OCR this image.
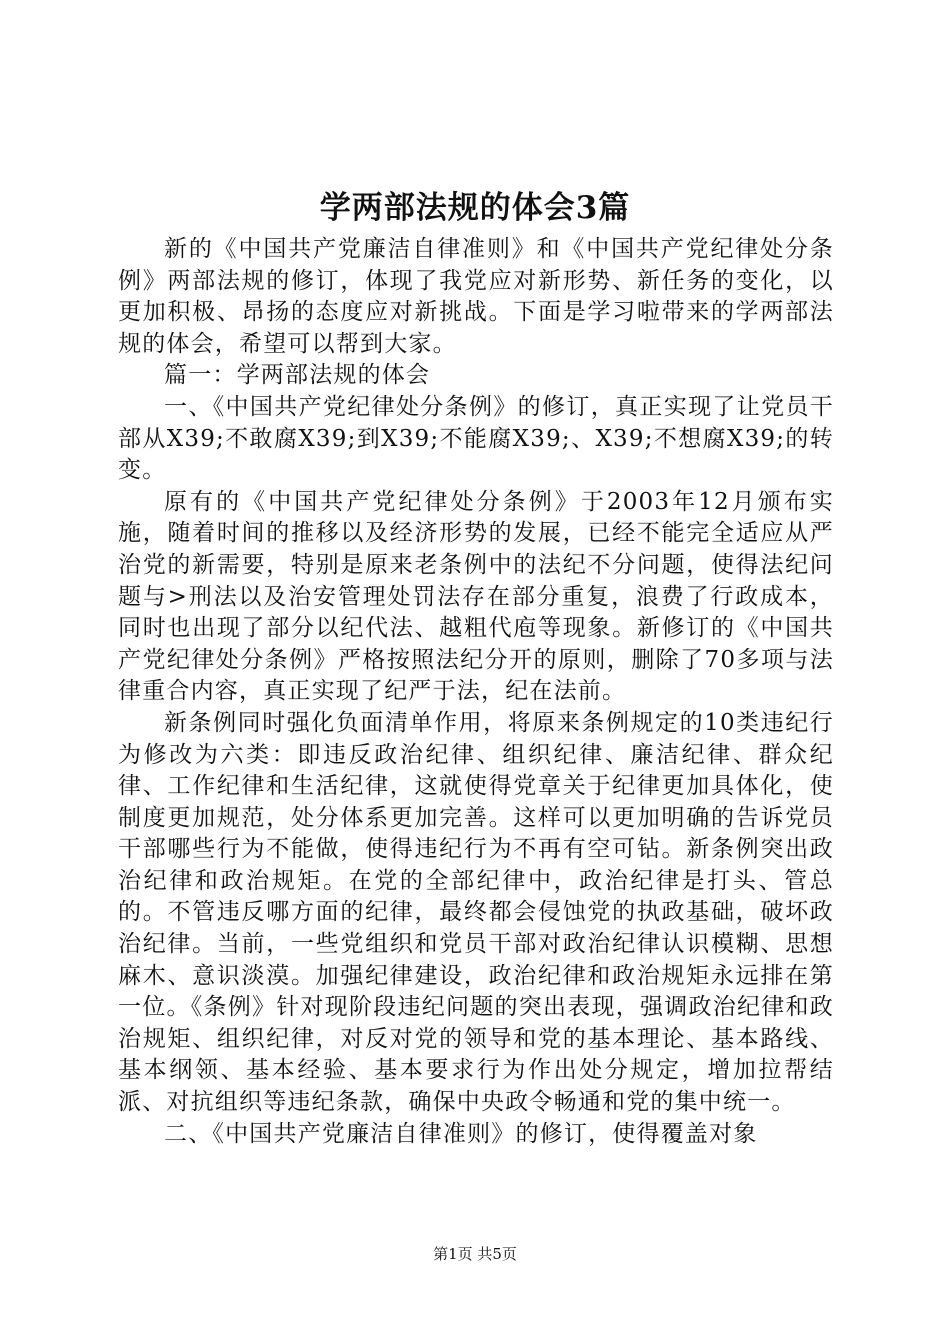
学两部法规的体会3篇

新的《中国共产党廉洁自律准则》和《中国共产党纪律处分条例》两部法规的修订，体现了我党应对新形势、新任务的变化，以更加积极、昂扬的态度应对新挑战。下面是学习啦带来的学两部法规的体会，希望可以帮到大家。

篇一：学两部法规的体会

一、《中国共产党纪律处分条例》的修订，真正实现了让党员干部从X39;不敢腐X39;到X39;不能腐X39;、X39;不想腐X39;的转变。

原有的《中国共产党纪律处分条例》于2003年12月颁布实施，随着时间的推移以及经济形势的发展，已经不能完全适应从严治党的新需要，特别是原来老条例中的法纪不分问题，使得法纪问题与>刑法以及治安管理处罚法存在部分重复，浪费了行政成本，同时也出现了部分以纪代法、越粗代庖等现象。新修订的《中国共产党纪律处分条例》严格按照法纪分开的原则，删除了70多项与法律重合内容，真正实现了纪严于法，纪在法前。

新条例同时强化负面清单作用，将原来条例规定的10类违纪行为修改为六类：即违反政治纪律、组织纪律、廉洁纪律、群众纪律、工作纪律和生活纪律，这就使得党章关于纪律更加具体化，使制度更加规范，处分体系更加完善。这样可以更加明确的告诉党员干部哪些行为不能做，使得违纪行为不再有空可钻。新条例突出政治纪律和政治规矩。在党的全部纪律中，政治纪律是打头、管总的。不管违反哪方面的纪律，最终都会侵蚀党的执政基础，破坏政治纪律。当前，一些党组织和党员干部对政治纪律认识模糊、思想麻木、意识淡漠。加强纪律建设，政治纪律和政治规矩永远排在第一位。《条例》针对现阶段违纪问题的突出表现，强调政治纪律和政治规矩、组织纪律，对反对党的领导和党的基本理论、基本路线、基本纲领、基本经验、基本要求行为作出处分规定，增加拉帮结派、对抗组织等违纪条款，确保中央政令畅通和党的集中统一。

二、《中国共产党廉洁自律准则》的修订，使得覆盖对象

第1页 共5页
